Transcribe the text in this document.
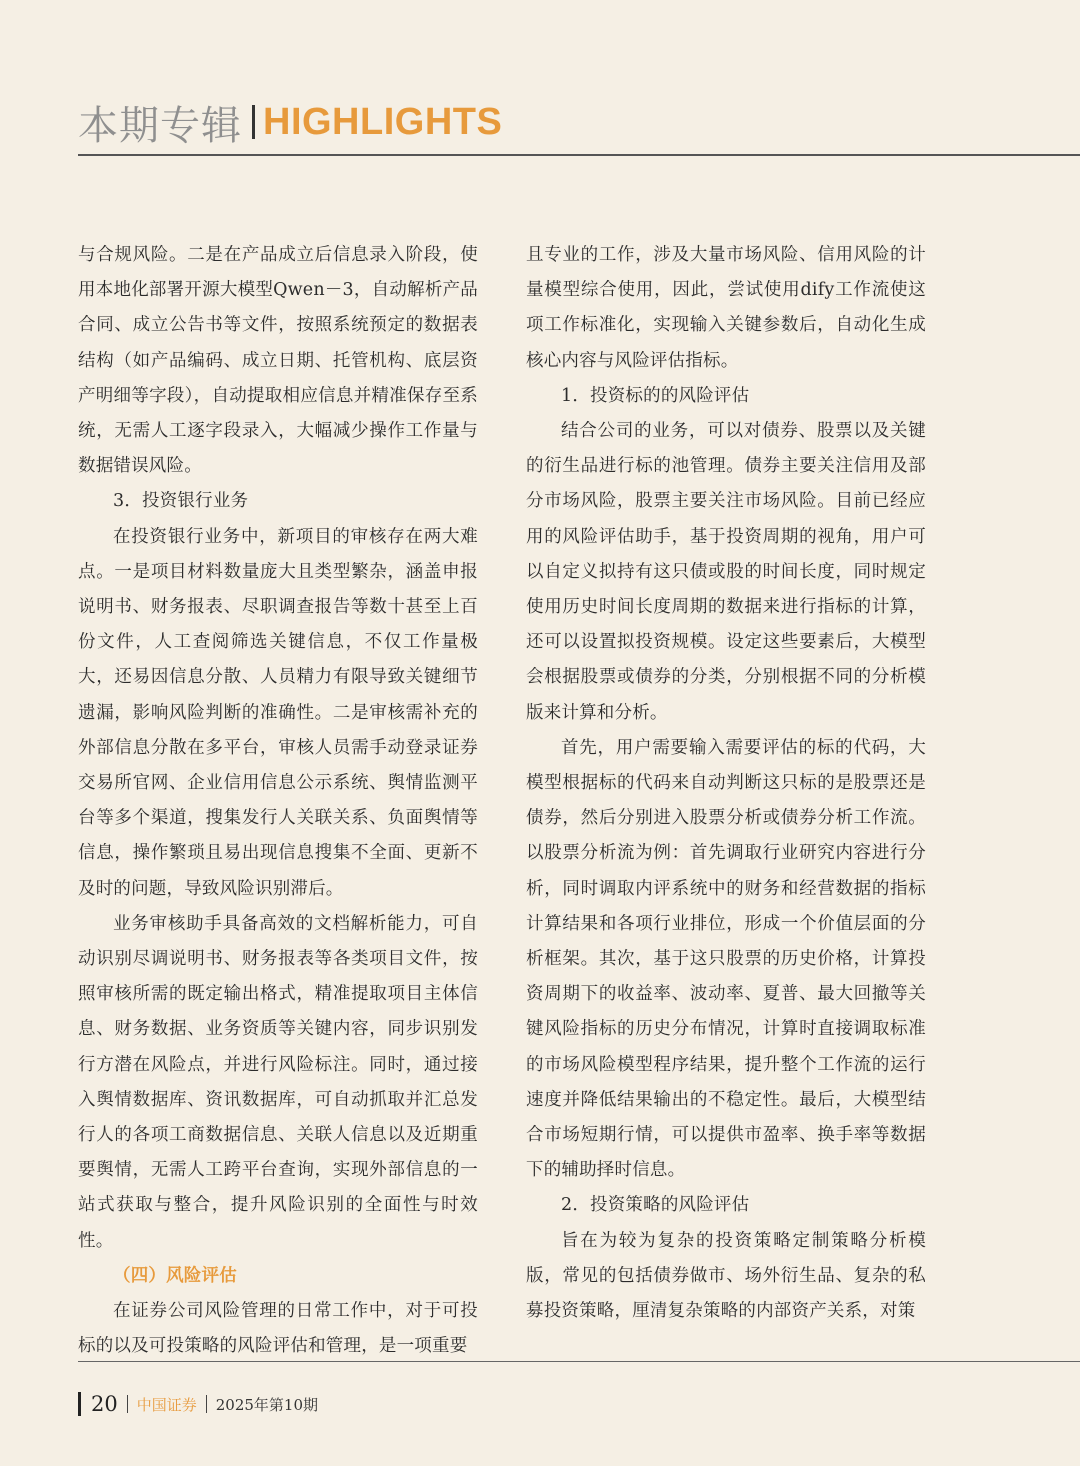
本期专辑 HIGHLIGHTS

与合规风险。二是在产品成立后信息录入阶段，使用本地化部署开源大模型Qwen－3，自动解析产品合同、成立公告书等文件，按照系统预定的数据表结构（如产品编码、成立日期、托管机构、底层资产明细等字段），自动提取相应信息并精准保存至系统，无需人工逐字段录入，大幅减少操作工作量与数据错误风险。

3．投资银行业务

在投资银行业务中，新项目的审核存在两大难点。一是项目材料数量庞大且类型繁杂，涵盖申报说明书、财务报表、尽职调查报告等数十甚至上百份文件，人工查阅筛选关键信息，不仅工作量极大，还易因信息分散、人员精力有限导致关键细节遗漏，影响风险判断的准确性。二是审核需补充的外部信息分散在多平台，审核人员需手动登录证券交易所官网、企业信用信息公示系统、舆情监测平台等多个渠道，搜集发行人关联关系、负面舆情等信息，操作繁琐且易出现信息搜集不全面、更新不及时的问题，导致风险识别滞后。

业务审核助手具备高效的文档解析能力，可自动识别尽调说明书、财务报表等各类项目文件，按照审核所需的既定输出格式，精准提取项目主体信息、财务数据、业务资质等关键内容，同步识别发行方潜在风险点，并进行风险标注。同时，通过接入舆情数据库、资讯数据库，可自动抓取并汇总发行人的各项工商数据信息、关联人信息以及近期重要舆情，无需人工跨平台查询，实现外部信息的一站式获取与整合，提升风险识别的全面性与时效性。

（四）风险评估

在证券公司风险管理的日常工作中，对于可投标的以及可投策略的风险评估和管理，是一项重要

且专业的工作，涉及大量市场风险、信用风险的计量模型综合使用，因此，尝试使用dify工作流使这项工作标准化，实现输入关键参数后，自动化生成核心内容与风险评估指标。

1．投资标的的风险评估

结合公司的业务，可以对债券、股票以及关键的衍生品进行标的池管理。债券主要关注信用及部分市场风险，股票主要关注市场风险。目前已经应用的风险评估助手，基于投资周期的视角，用户可以自定义拟持有这只债或股的时间长度，同时规定使用历史时间长度周期的数据来进行指标的计算，还可以设置拟投资规模。设定这些要素后，大模型会根据股票或债券的分类，分别根据不同的分析模版来计算和分析。

首先，用户需要输入需要评估的标的代码，大模型根据标的代码来自动判断这只标的是股票还是债券，然后分别进入股票分析或债券分析工作流。以股票分析流为例：首先调取行业研究内容进行分析，同时调取内评系统中的财务和经营数据的指标计算结果和各项行业排位，形成一个价值层面的分析框架。其次，基于这只股票的历史价格，计算投资周期下的收益率、波动率、夏普、最大回撤等关键风险指标的历史分布情况，计算时直接调取标准的市场风险模型程序结果，提升整个工作流的运行速度并降低结果输出的不稳定性。最后，大模型结合市场短期行情，可以提供市盈率、换手率等数据下的辅助择时信息。

2．投资策略的风险评估

旨在为较为复杂的投资策略定制策略分析模版，常见的包括债券做市、场外衍生品、复杂的私募投资策略，厘清复杂策略的内部资产关系，对策

20 中国证券 2025年第10期
